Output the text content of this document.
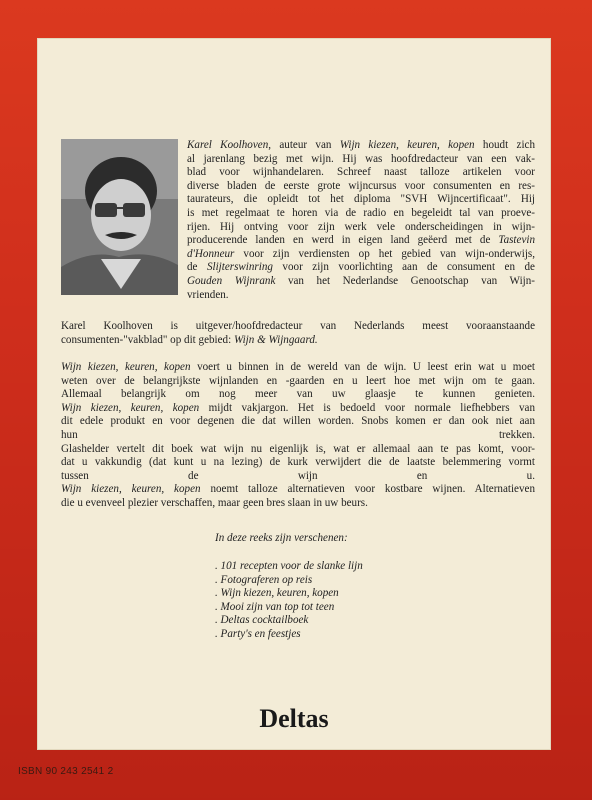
Karel Koolhoven, auteur van Wijn kiezen, keuren, kopen houdt zich
al jarenlang bezig met wijn. Hij was hoofdredacteur van een vak-
blad voor wijnhandelaren. Schreef naast talloze artikelen voor
diverse bladen de eerste grote wijncursus voor consumenten en res-
taurateurs, die opleidt tot het diploma "SVH Wijncertificaat". Hij
is met regelmaat te horen via de radio en begeleidt tal van proeve-
rijen. Hij ontving voor zijn werk vele onderscheidingen in wijn-
producerende landen en werd in eigen land geëerd met de Tastevin
d'Honneur voor zijn verdiensten op het gebied van wijn-onderwijs,
de Slijterswinring voor zijn voorlichting aan de consument en de
Gouden Wijnrank van het Nederlandse Genootschap van Wijn-
vrienden.

Karel Koolhoven is uitgever/hoofdredacteur van Nederlands meest vooraanstaande
consumenten-"vakblad" op dit gebied: Wijn & Wijngaard.

Wijn kiezen, keuren, kopen voert u binnen in de wereld van de wijn. U leest erin wat u moet
weten over de belangrijkste wijnlanden en -gaarden en u leert hoe met wijn om te gaan.
Allemaal belangrijk om nog meer van uw glaasje te kunnen genieten.
Wijn kiezen, keuren, kopen mijdt vakjargon. Het is bedoeld voor normale liefhebbers van
dit edele produkt en voor degenen die dat willen worden. Snobs komen er dan ook niet aan
hun trekken.
Glashelder vertelt dit boek wat wijn nu eigenlijk is, wat er allemaal aan te pas komt, voor-
dat u vakkundig (dat kunt u na lezing) de kurk verwijdert die de laatste belemmering vormt
tussen de wijn en u.
Wijn kiezen, keuren, kopen noemt talloze alternatieven voor kostbare wijnen. Alternatieven
die u evenveel plezier verschaffen, maar geen bres slaan in uw beurs.

In deze reeks zijn verschenen:

. 101 recepten voor de slanke lijn
. Fotograferen op reis
. Wijn kiezen, keuren, kopen
. Mooi zijn van top tot teen
. Deltas cocktailboek
. Party's en feestjes
Deltas
ISBN 90 243 2541 2
